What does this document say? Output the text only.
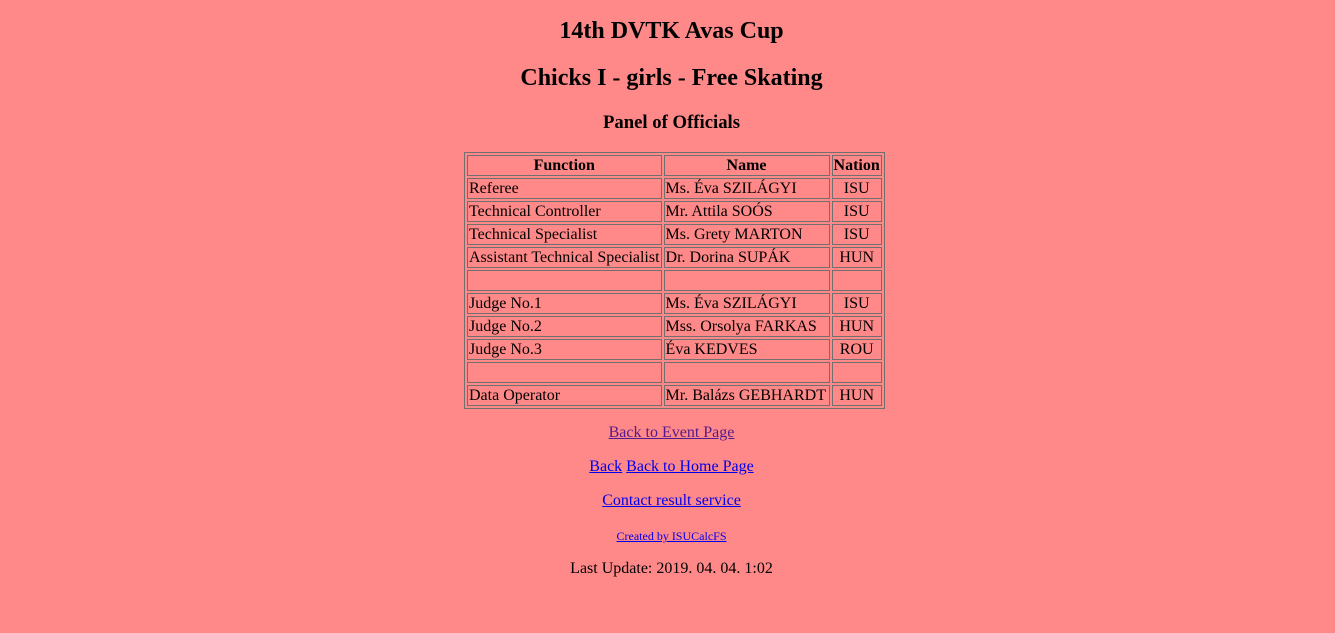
14th DVTK Avas Cup
Chicks I - girls - Free Skating
Panel of Officials
Function	Name	Nation
Referee	Ms. Éva SZILÁGYI	ISU
Technical Controller	Mr. Attila SOÓS	ISU
Technical Specialist	Ms. Grety MARTON	ISU
Assistant Technical Specialist	Dr. Dorina SUPÁK	HUN

Judge No.1	Ms. Éva SZILÁGYI	ISU
Judge No.2	Mss. Orsolya FARKAS	HUN
Judge No.3	Éva KEDVES	ROU

Data Operator	Mr. Balázs GEBHARDT	HUN
Back to Event Page
Back Back to Home Page
Contact result service
Created by ISUCalcFS
Last Update: 2019. 04. 04. 1:02
